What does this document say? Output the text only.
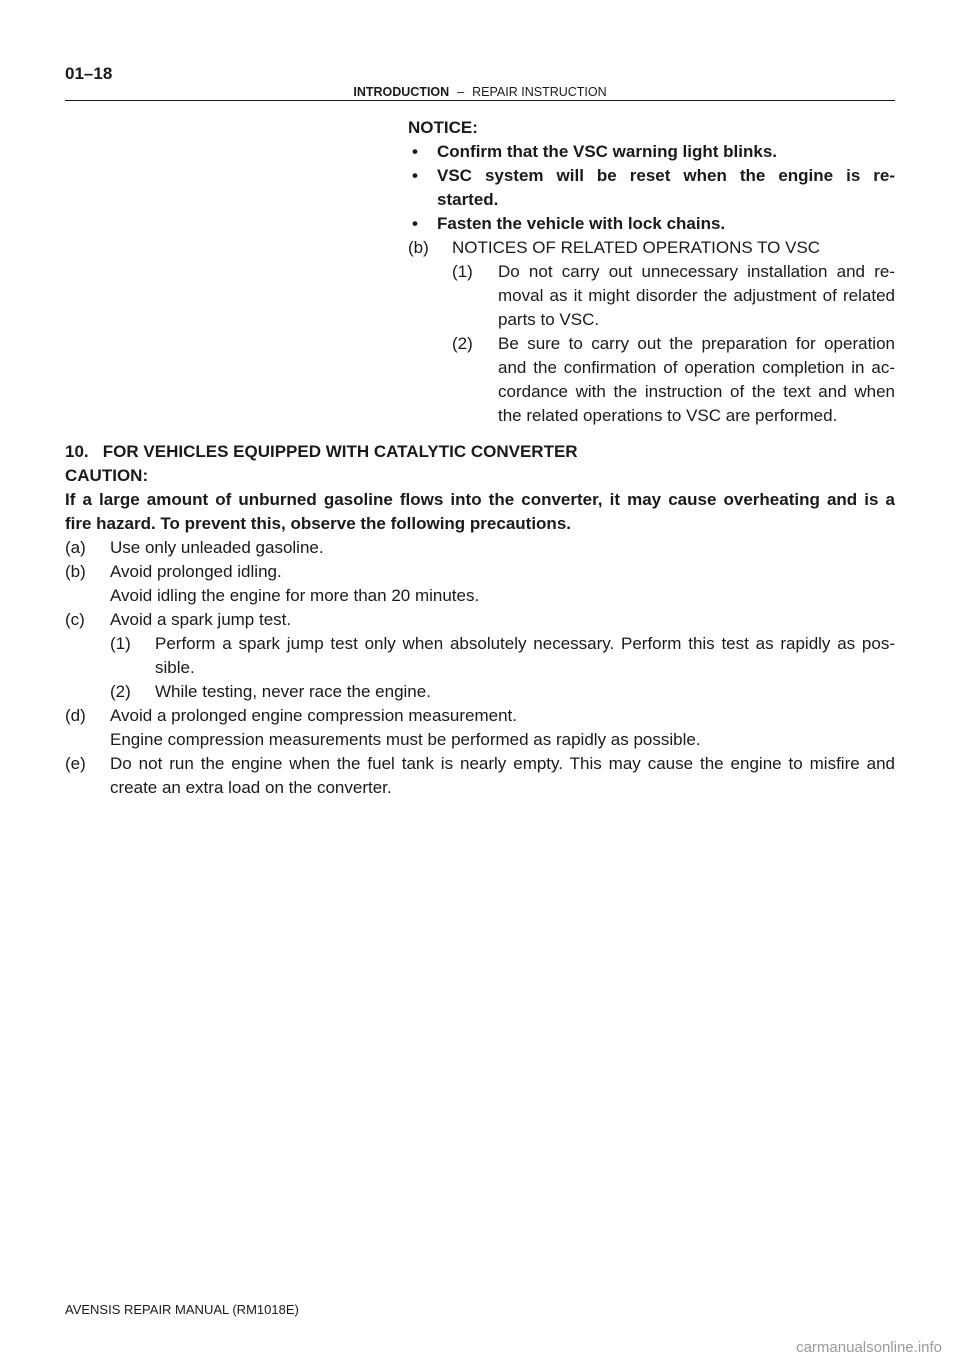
01–18
INTRODUCTION – REPAIR INSTRUCTION
NOTICE:
• Confirm that the VSC warning light blinks.
• VSC system will be reset when the engine is re-
started.
• Fasten the vehicle with lock chains.
(b) NOTICES OF RELATED OPERATIONS TO VSC
(1) Do not carry out unnecessary installation and re-
moval as it might disorder the adjustment of related
parts to VSC.
(2) Be sure to carry out the preparation for operation
and the confirmation of operation completion in ac-
cordance with the instruction of the text and when
the related operations to VSC are performed.
10.   FOR VEHICLES EQUIPPED WITH CATALYTIC CONVERTER
CAUTION:
If a large amount of unburned gasoline flows into the converter, it may cause overheating and is a
fire hazard. To prevent this, observe the following precautions.
(a) Use only unleaded gasoline.
(b) Avoid prolonged idling.
Avoid idling the engine for more than 20 minutes.
(c) Avoid a spark jump test.
(1) Perform a spark jump test only when absolutely necessary. Perform this test as rapidly as pos-
sible.
(2) While testing, never race the engine.
(d) Avoid a prolonged engine compression measurement.
Engine compression measurements must be performed as rapidly as possible.
(e) Do not run the engine when the fuel tank is nearly empty. This may cause the engine to misfire and
create an extra load on the converter.
AVENSIS REPAIR MANUAL (RM1018E)
carmanualsonline.info
